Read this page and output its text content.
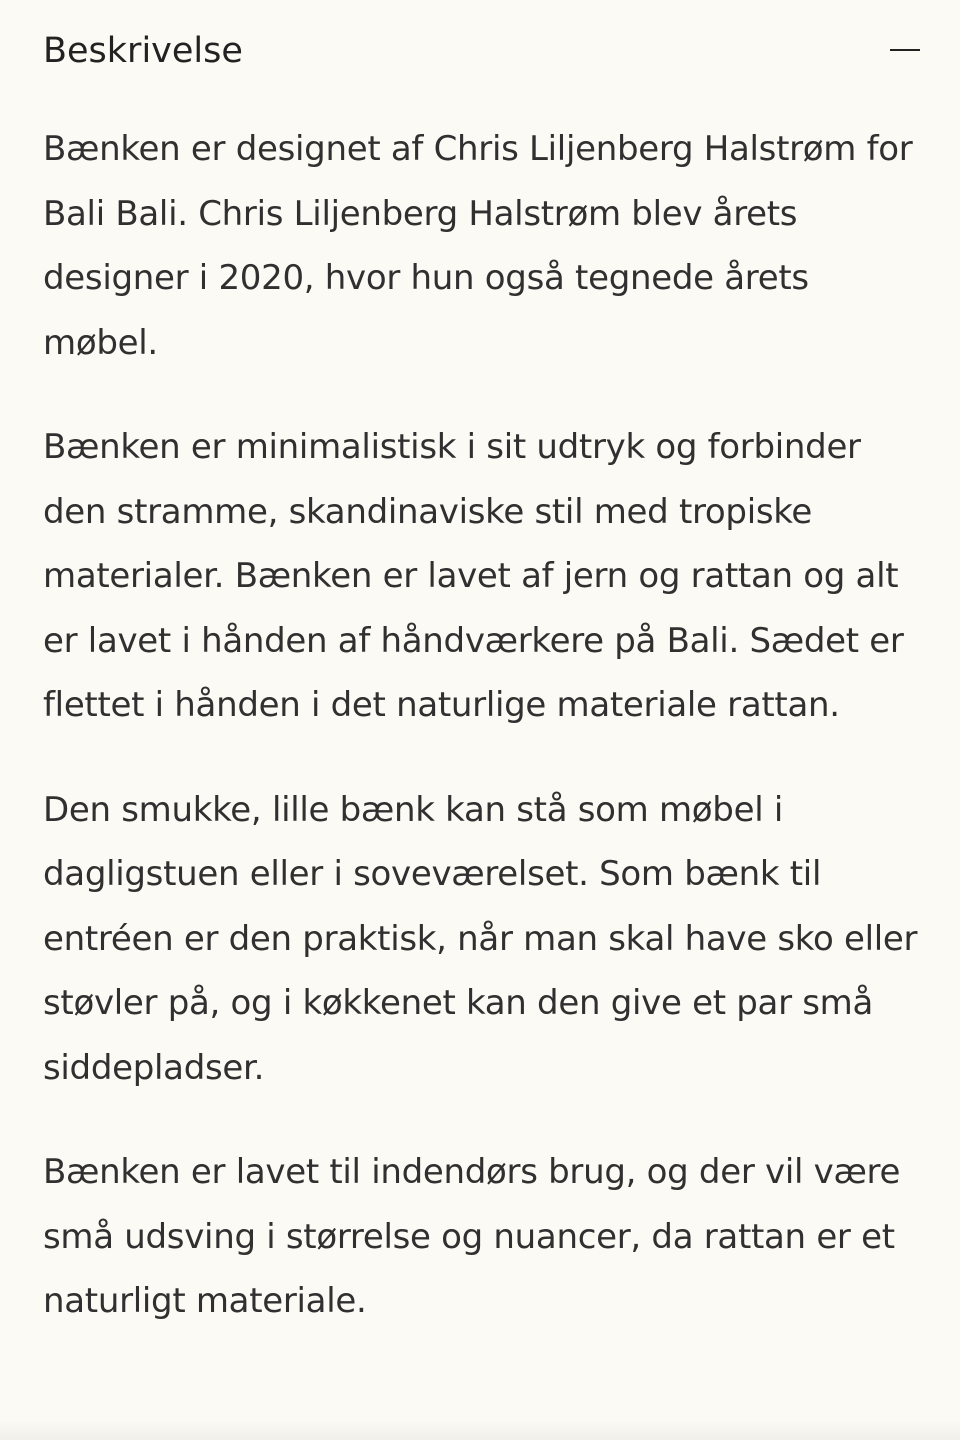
Beskrivelse

Bænken er designet af Chris Liljenberg Halstrøm for Bali Bali. Chris Liljenberg Halstrøm blev årets designer i 2020, hvor hun også tegnede årets møbel.

Bænken er minimalistisk i sit udtryk og forbinder den stramme, skandinaviske stil med tropiske materialer. Bænken er lavet af jern og rattan og alt er lavet i hånden af håndværkere på Bali. Sædet er flettet i hånden i det naturlige materiale rattan.

Den smukke, lille bænk kan stå som møbel i dagligstuen eller i soveværelset. Som bænk til entréen er den praktisk, når man skal have sko eller støvler på, og i køkkenet kan den give et par små siddepladser.

Bænken er lavet til indendørs brug, og der vil være små udsving i størrelse og nuancer, da rattan er et naturligt materiale.
